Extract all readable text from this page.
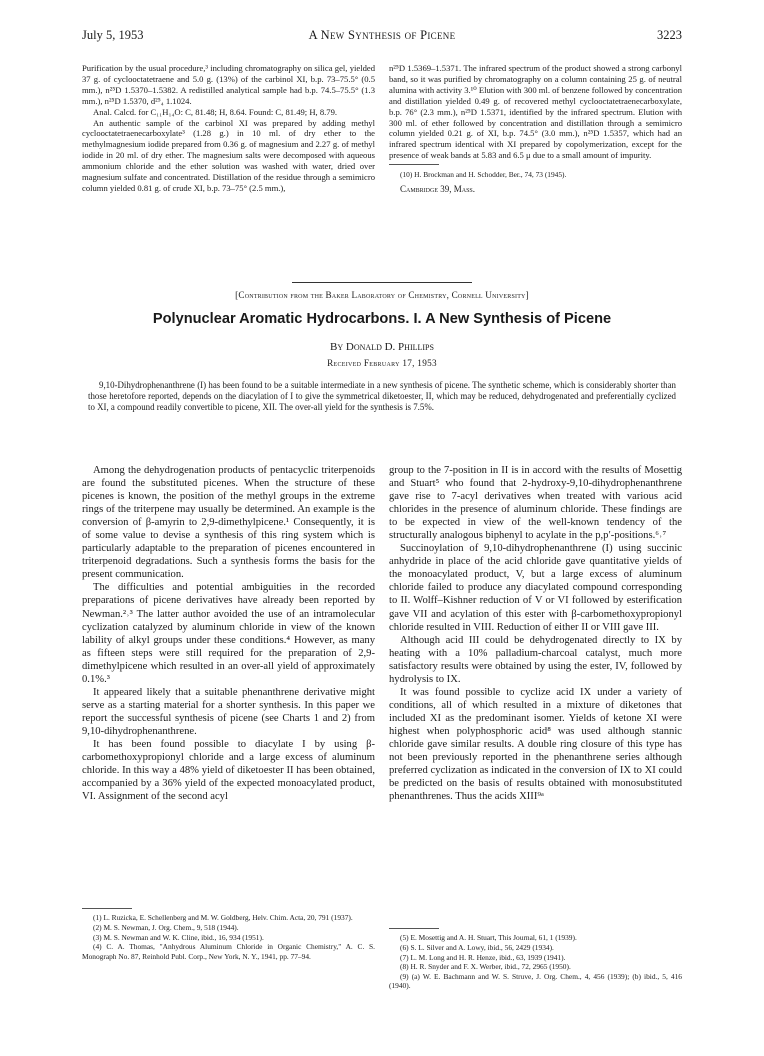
July 5, 1953	A New Synthesis of Picene	3223

Purification by the usual procedure,³ including chromatography on silica gel, yielded 37 g. of cyclooctatetraene and 5.0 g. (13%) of the carbinol XI, b.p. 73–75.5° (0.5 mm.), n²⁵D 1.5370–1.5382. A redistilled analytical sample had b.p. 74.5–75.5° (1.3 mm.), n²⁵D 1.5370, d²⁵₄ 1.1024.

Anal. Calcd. for C₁₁H₁₄O: C, 81.48; H, 8.64. Found: C, 81.49; H, 8.79.

An authentic sample of the carbinol XI was prepared by adding methyl cyclooctatetraenecarboxylate³ (1.28 g.) in 10 ml. of dry ether to the methylmagnesium iodide prepared from 0.36 g. of magnesium and 2.27 g. of methyl iodide in 20 ml. of dry ether. The magnesium salts were decomposed with aqueous ammonium chloride and the ether solution was washed with water, dried over magnesium sulfate and concentrated. Distillation of the residue through a semimicro column yielded 0.81 g. of crude XI, b.p. 73–75° (2.5 mm.),

n²⁵D 1.5369–1.5371. The infrared spectrum of the product showed a strong carbonyl band, so it was purified by chromatography on a column containing 25 g. of neutral alumina with activity 3.¹⁰ Elution with 300 ml. of benzene followed by concentration and distillation yielded 0.49 g. of recovered methyl cyclooctatetraenecarboxylate, b.p. 76° (2.3 mm.), n²⁵D 1.5371, identified by the infrared spectrum. Elution with 300 ml. of ether followed by concentration and distillation through a semimicro column yielded 0.21 g. of XI, b.p. 74.5° (3.0 mm.), n²⁵D 1.5357, which had an infrared spectrum identical with XI prepared by copolymerization, except for the presence of weak bands at 5.83 and 6.5 μ due to a small amount of impurity.

(10) H. Brockman and H. Schodder, Ber., 74, 73 (1945).
Cambridge 39, Mass.
[Contribution from the Baker Laboratory of Chemistry, Cornell University]
Polynuclear Aromatic Hydrocarbons. I. A New Synthesis of Picene
By Donald D. Phillips
Received February 17, 1953
9,10-Dihydrophenanthrene (I) has been found to be a suitable intermediate in a new synthesis of picene. The synthetic scheme, which is considerably shorter than those heretofore reported, depends on the diacylation of I to give the symmetrical diketoester, II, which may be reduced, dehydrogenated and preferentially cyclized to XI, a compound readily convertible to picene, XII. The over-all yield for the synthesis is 7.5%.

Among the dehydrogenation products of pentacyclic triterpenoids are found the substituted picenes. When the structure of these picenes is known, the position of the methyl groups in the extreme rings of the triterpene may usually be determined. An example is the conversion of β-amyrin to 2,9-dimethylpicene.¹ Consequently, it is of some value to devise a synthesis of this ring system which is particularly adaptable to the preparation of picenes encountered in triterpenoid degradations. Such a synthesis forms the basis for the present communication.

The difficulties and potential ambiguities in the recorded preparations of picene derivatives have already been reported by Newman.²˒³ The latter author avoided the use of an intramolecular cyclization catalyzed by aluminum chloride in view of the known lability of alkyl groups under these conditions.⁴ However, as many as fifteen steps were still required for the preparation of 2,9-dimethylpicene which resulted in an over-all yield of approximately 0.1%.³

It appeared likely that a suitable phenanthrene derivative might serve as a starting material for a shorter synthesis. In this paper we report the successful synthesis of picene (see Charts 1 and 2) from 9,10-dihydrophenanthrene.

It has been found possible to diacylate I by using β-carbomethoxypropionyl chloride and a large excess of aluminum chloride. In this way a 48% yield of diketoester II has been obtained, accompanied by a 36% yield of the expected monoacylated product, VI. Assignment of the second acyl

(1) L. Ruzicka, E. Schellenberg and M. W. Goldberg, Helv. Chim. Acta, 20, 791 (1937).

(2) M. S. Newman, J. Org. Chem., 9, 518 (1944).

(3) M. S. Newman and W. K. Cline, ibid., 16, 934 (1951).

(4) C. A. Thomas, "Anhydrous Aluminum Chloride in Organic Chemistry," A. C. S. Monograph No. 87, Reinhold Publ. Corp., New York, N. Y., 1941, pp. 77–94.

group to the 7-position in II is in accord with the results of Mosettig and Stuart⁵ who found that 2-hydroxy-9,10-dihydrophenanthrene gave rise to 7-acyl derivatives when treated with various acid chlorides in the presence of aluminum chloride. These findings are to be expected in view of the well-known tendency of the structurally analogous biphenyl to acylate in the p,p′-positions.⁶˒⁷

Succinoylation of 9,10-dihydrophenanthrene (I) using succinic anhydride in place of the acid chloride gave quantitative yields of the monoacylated product, V, but a large excess of aluminum chloride failed to produce any diacylated compound corresponding to II. Wolff–Kishner reduction of V or VI followed by esterification gave VII and acylation of this ester with β-carbomethoxypropionyl chloride resulted in VIII. Reduction of either II or VIII gave III.

Although acid III could be dehydrogenated directly to IX by heating with a 10% palladium-charcoal catalyst, much more satisfactory results were obtained by using the ester, IV, followed by hydrolysis to IX.

It was found possible to cyclize acid IX under a variety of conditions, all of which resulted in a mixture of diketones that included XI as the predominant isomer. Yields of ketone XI were highest when polyphosphoric acid⁸ was used although stannic chloride gave similar results. A double ring closure of this type has not been previously reported in the phenanthrene series although preferred cyclization as indicated in the conversion of IX to XI could be predicted on the basis of results obtained with monosubstituted phenanthrenes. Thus the acids XIII⁹ᵃ

(5) E. Mosettig and A. H. Stuart, This Journal, 61, 1 (1939).

(6) S. L. Silver and A. Lowy, ibid., 56, 2429 (1934).

(7) L. M. Long and H. R. Henze, ibid., 63, 1939 (1941).

(8) H. R. Snyder and F. X. Werber, ibid., 72, 2965 (1950).

(9) (a) W. E. Bachmann and W. S. Struve, J. Org. Chem., 4, 456 (1939); (b) ibid., 5, 416 (1940).
